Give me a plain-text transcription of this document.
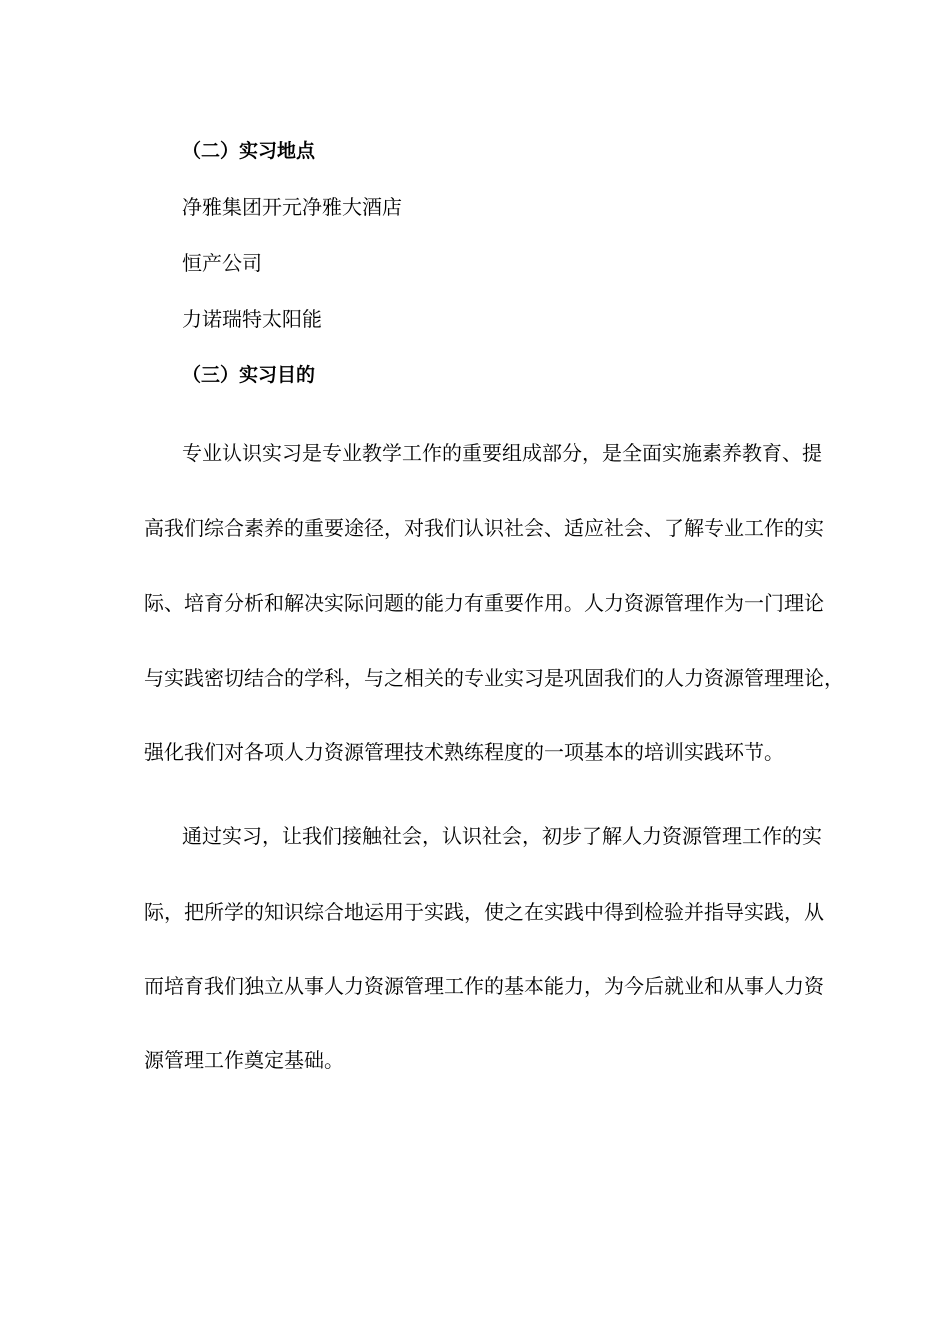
（二）实习地点
净雅集团开元净雅大酒店
恒产公司
力诺瑞特太阳能
（三）实习目的
专业认识实习是专业教学工作的重要组成部分，是全面实施素养教育、提
高我们综合素养的重要途径，对我们认识社会、适应社会、了解专业工作的实
际、培育分析和解决实际问题的能力有重要作用。人力资源管理作为一门理论
与实践密切结合的学科，与之相关的专业实习是巩固我们的人力资源管理理论，
强化我们对各项人力资源管理技术熟练程度的一项基本的培训实践环节。
通过实习，让我们接触社会，认识社会，初步了解人力资源管理工作的实
际，把所学的知识综合地运用于实践，使之在实践中得到检验并指导实践，从
而培育我们独立从事人力资源管理工作的基本能力，为今后就业和从事人力资
源管理工作奠定基础。
